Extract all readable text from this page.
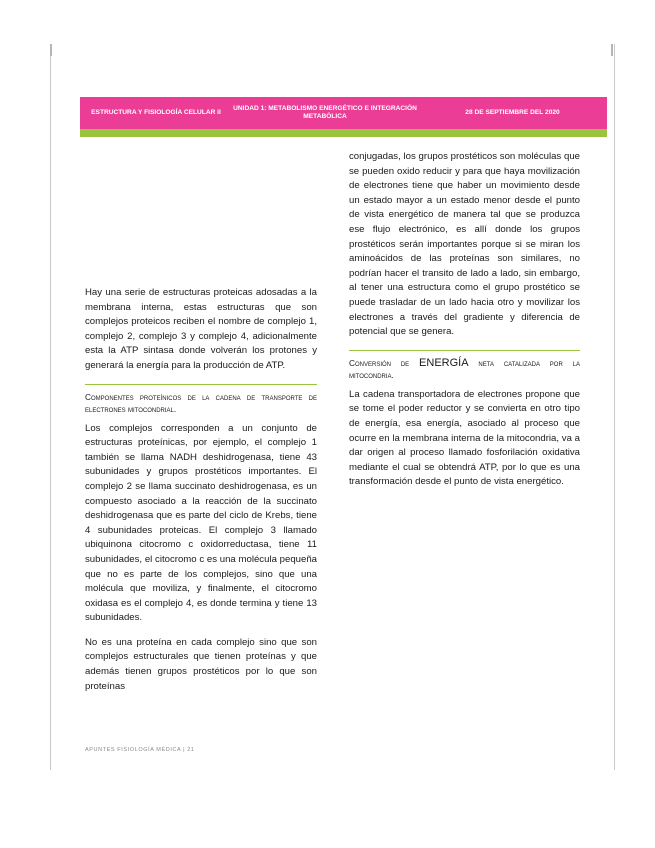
ESTRUCTURA Y FISIOLOGÍA CELULAR II
UNIDAD 1: METABOLISMO ENERGÉTICO E INTEGRACIÓN METABÓLICA
28 DE SEPTIEMBRE DEL 2020

Hay una serie de estructuras proteicas adosadas a la membrana interna, estas estructuras que son complejos proteicos reciben el nombre de complejo 1, complejo 2, complejo 3 y complejo 4, adicionalmente esta la ATP sintasa donde volverán los protones y generará la energía para la producción de ATP.

Componentes proteínicos de la cadena de transporte de electrones mitocondrial.

Los complejos corresponden a un conjunto de estructuras proteínicas, por ejemplo, el complejo 1 también se llama NADH deshidrogenasa, tiene 43 subunidades y grupos prostéticos importantes. El complejo 2 se llama succinato deshidrogenasa, es un compuesto asociado a la reacción de la succinato deshidrogenasa que es parte del ciclo de Krebs, tiene 4 subunidades proteicas. El complejo 3 llamado ubiquinona citocromo c oxidorreductasa, tiene 11 subunidades, el citocromo c es una molécula pequeña que no es parte de los complejos, sino que una molécula que moviliza, y finalmente, el citocromo oxidasa es el complejo 4, es donde termina y tiene 13 subunidades.

No es una proteína en cada complejo sino que son complejos estructurales que tienen proteínas y que además tienen grupos prostéticos por lo que son proteínas

conjugadas, los grupos prostéticos son moléculas que se pueden oxido reducir y para que haya movilización de electrones tiene que haber un movimiento desde un estado mayor a un estado menor desde el punto de vista energético de manera tal que se produzca ese flujo electrónico, es allí donde los grupos prostéticos serán importantes porque si se miran los aminoácidos de las proteínas son similares, no podrían hacer el transito de lado a lado, sin embargo, al tener una estructura como el grupo prostético se puede trasladar de un lado hacia otro y movilizar los electrones a través del gradiente y diferencia de potencial que se genera.

Conversión de ENERGÍA neta catalizada por la mitocondria.

La cadena transportadora de electrones propone que se tome el poder reductor y se convierta en otro tipo de energía, esa energía, asociado al proceso que ocurre en la membrana interna de la mitocondria, va a dar origen al proceso llamado fosforilación oxidativa mediante el cual se obtendrá ATP, por lo que es una transformación desde el punto de vista energético.

APUNTES FISIOLOGÍA MÉDICA | 21
